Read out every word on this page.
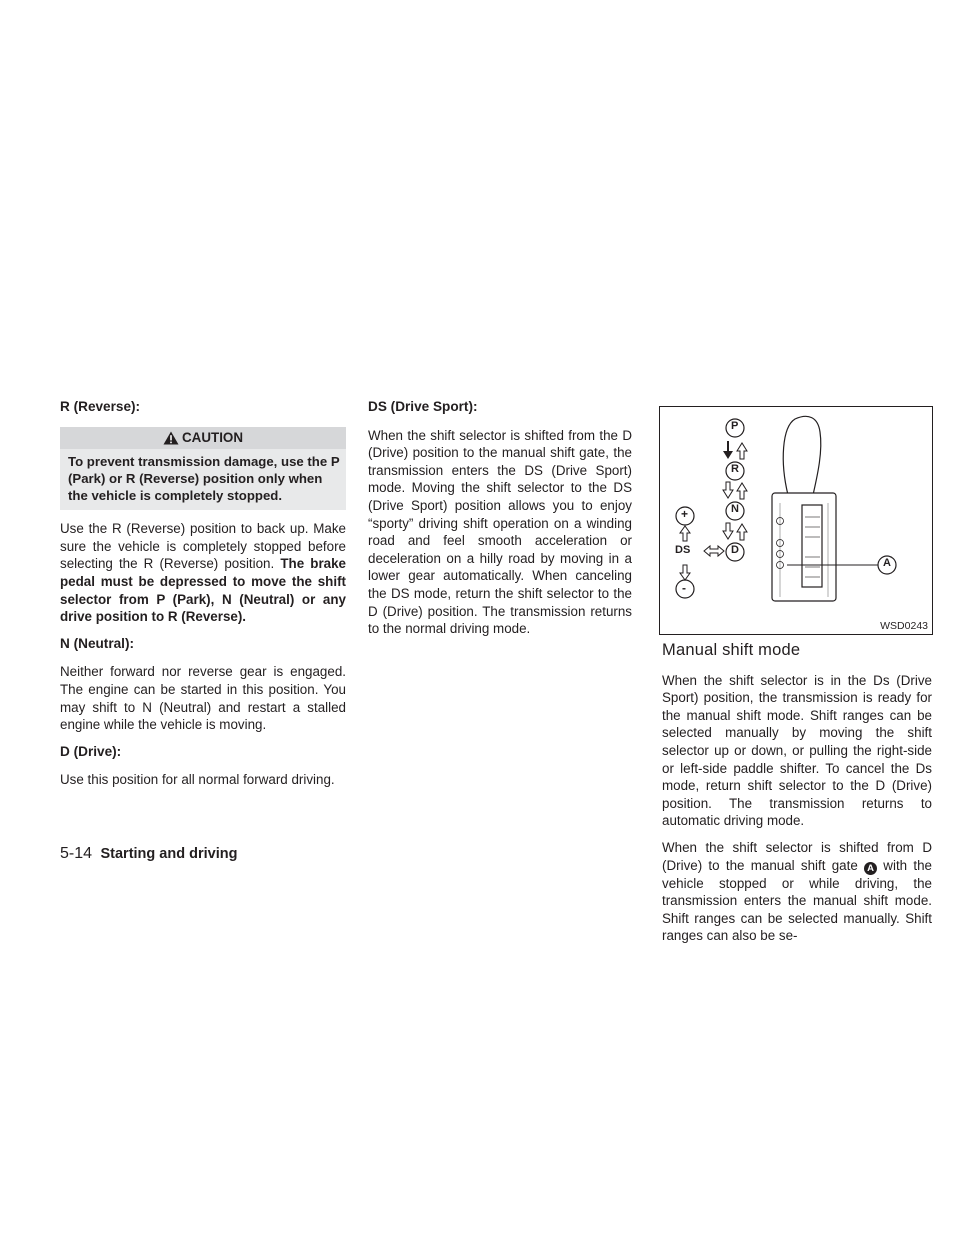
R (Reverse):
CAUTION
To prevent transmission damage, use the P (Park) or R (Reverse) position only when the vehicle is completely stopped.

Use the R (Reverse) position to back up. Make sure the vehicle is completely stopped before selecting the R (Reverse) position. The brake pedal must be depressed to move the shift selector from P (Park), N (Neutral) or any drive position to R (Reverse).

N (Neutral):

Neither forward nor reverse gear is engaged. The engine can be started in this position. You may shift to N (Neutral) and restart a stalled engine while the vehicle is moving.

D (Drive):

Use this position for all normal forward driving.

DS (Drive Sport):

When the shift selector is shifted from the D (Drive) position to the manual shift gate, the transmission enters the DS (Drive Sport) mode. Moving the shift selector to the DS (Drive Sport) position allows you to enjoy “sporty” driving shift operation on a winding road and feel smooth acceleration or deceleration on a hilly road by moving in a lower gear automatically. When canceling the DS mode, return the shift selector to the D (Drive) position. The transmission returns to the normal driving mode.

P
R
N
D
+
DS
-
A
WSD0243
Manual shift mode

When the shift selector is in the Ds (Drive Sport) position, the transmission is ready for the manual shift mode. Shift ranges can be selected manually by moving the shift selector up or down, or pulling the right-side or left-side paddle shifter. To cancel the Ds mode, return shift selector to the D (Drive) position. The transmission returns to automatic driving mode.

When the shift selector is shifted from D (Drive) to the manual shift gate A with the vehicle stopped or while driving, the transmission enters the manual shift mode. Shift ranges can be selected manually. Shift ranges can also be se-

5-14 Starting and driving
